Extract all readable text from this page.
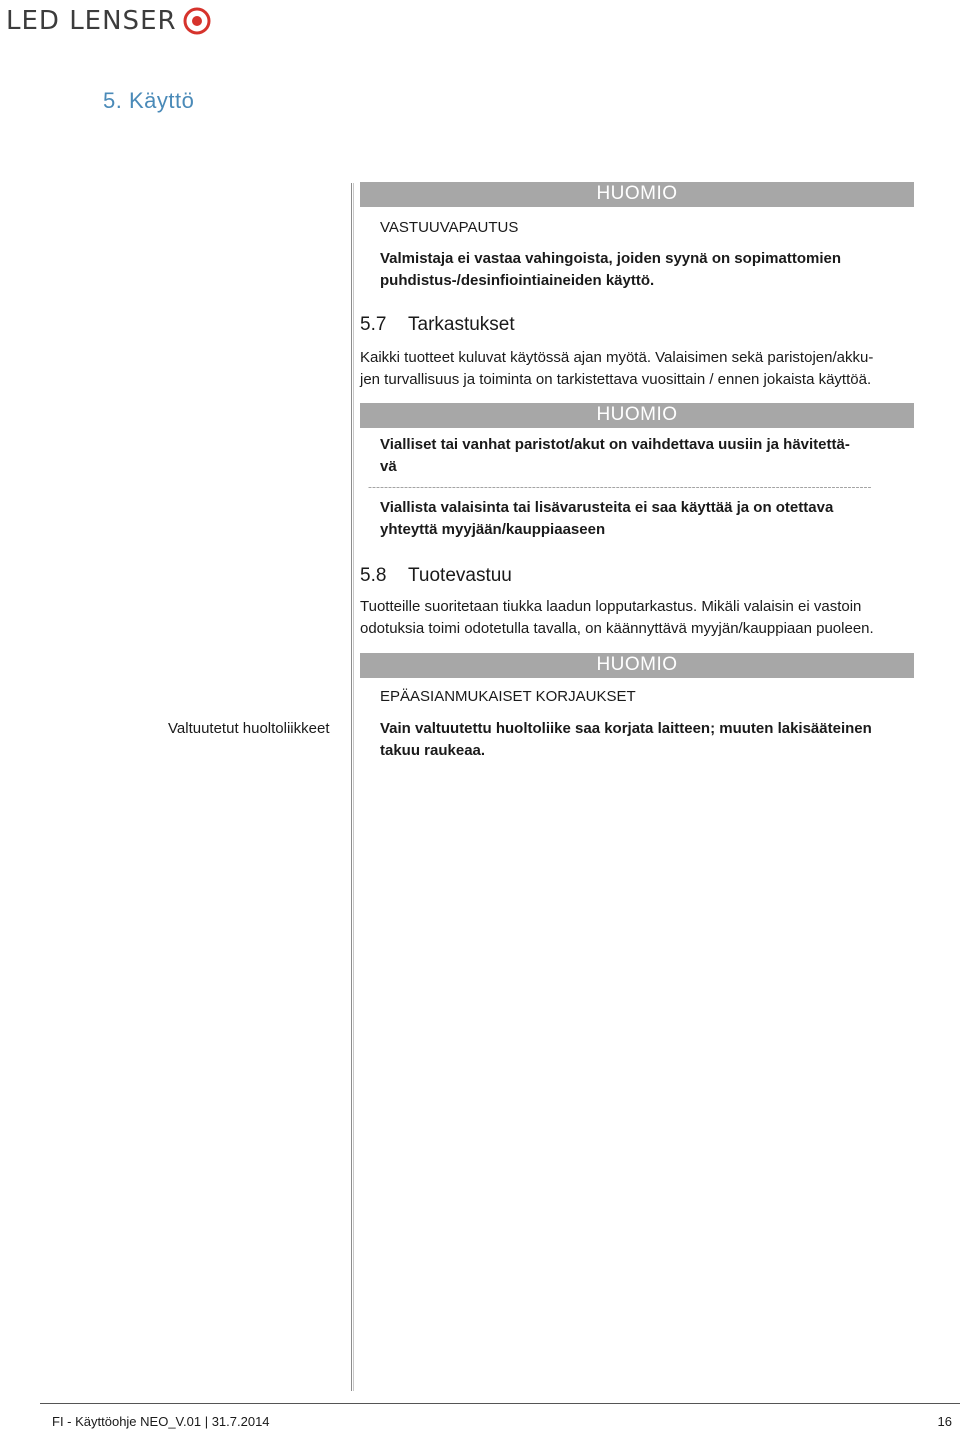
LED LENSER
5. Käyttö
HUOMIO
VASTUUVAPAUTUS
Valmistaja ei vastaa vahingoista, joiden syynä on sopimattomien
puhdistus-/desinfiointiaineiden käyttö.
5.7 Tarkastukset
Kaikki tuotteet kuluvat käytössä ajan myötä. Valaisimen sekä paristojen/akku-
jen turvallisuus ja toiminta on tarkistettava vuosittain / ennen jokaista käyttöä.
HUOMIO
Vialliset tai vanhat paristot/akut on vaihdettava uusiin ja hävitettä-
vä
------------------------------------------------------------------------------------------------------------------------------
Viallista valaisinta tai lisävarusteita ei saa käyttää ja on otettava
yhteyttä myyjään/kauppiaaseen
5.8 Tuotevastuu
Tuotteille suoritetaan tiukka laadun lopputarkastus. Mikäli valaisin ei vastoin
odotuksia toimi odotetulla tavalla, on käännyttävä myyjän/kauppiaan puoleen.
HUOMIO
EPÄASIANMUKAISET KORJAUKSET
Valtuutetut huoltoliikkeet	Vain valtuutettu huoltoliike saa korjata laitteen; muuten lakisääteinen
takuu raukeaa.
FI - Käyttöohje NEO_V.01 | 31.7.2014	16
